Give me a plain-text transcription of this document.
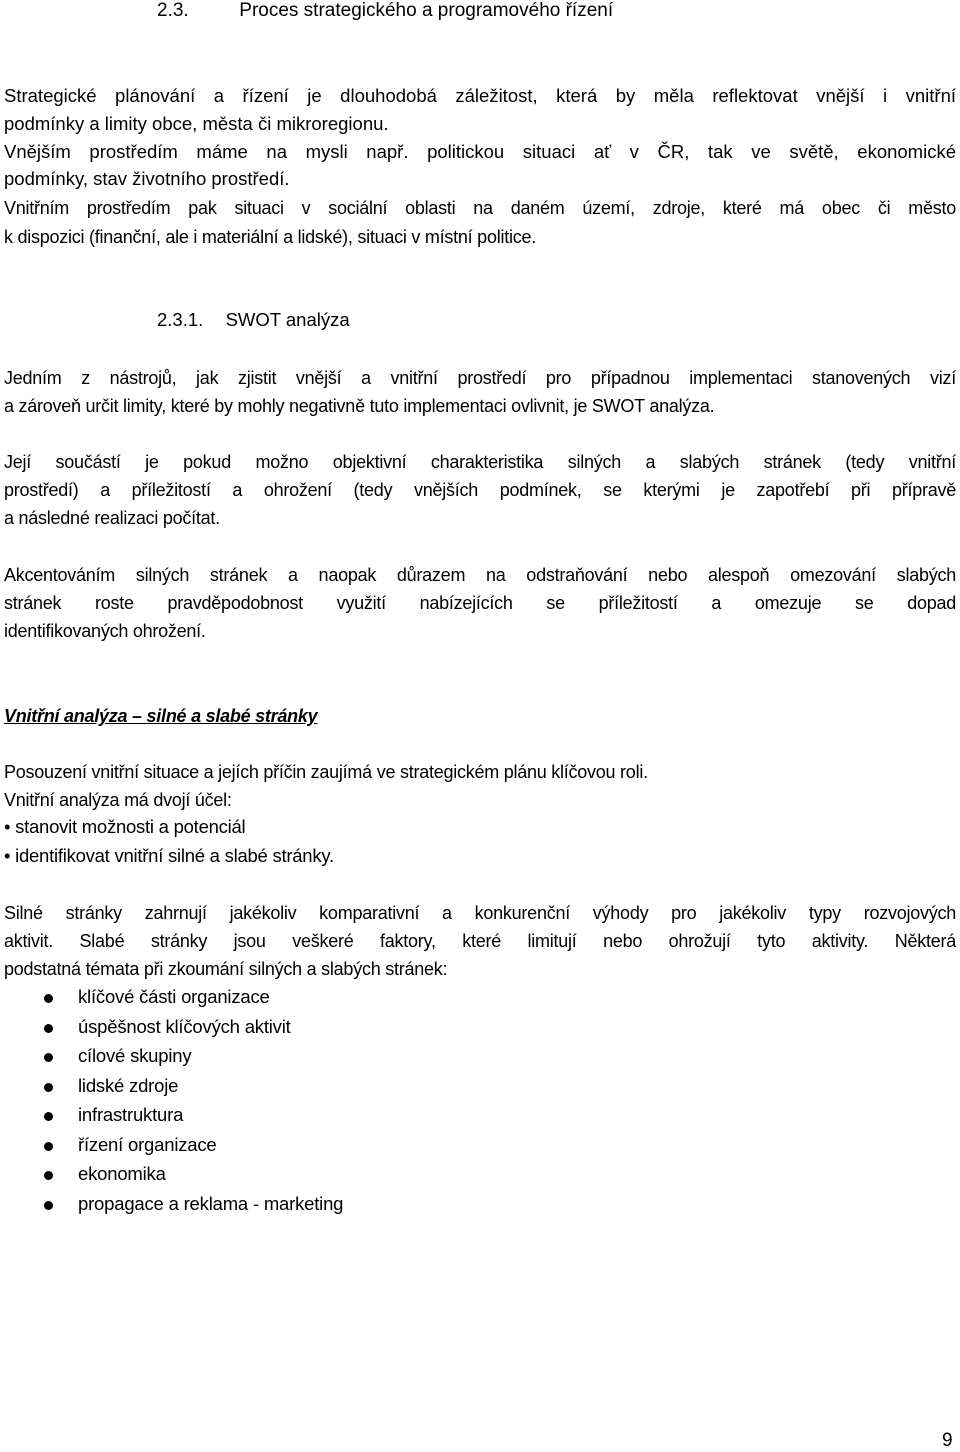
2.3.	Proces strategického a programového řízení
Strategické plánování a řízení je dlouhodobá záležitost, která by měla reflektovat vnější i vnitřní
podmínky a limity obce, města či mikroregionu.
Vnějším prostředím máme na mysli např. politickou situaci ať v ČR, tak ve světě, ekonomické
podmínky, stav životního prostředí.
Vnitřním prostředím pak situaci v sociální oblasti na daném území, zdroje, které má obec či město
k dispozici (finanční, ale i materiální a lidské), situaci v místní politice.
2.3.1. SWOT analýza
Jedním z nástrojů, jak zjistit vnější a vnitřní prostředí pro případnou implementaci stanovených vizí
a zároveň určit limity, které by mohly negativně tuto implementaci ovlivnit, je SWOT analýza.
Její součástí je pokud možno objektivní charakteristika silných a slabých stránek (tedy vnitřní
prostředí) a příležitostí a ohrožení (tedy vnějších podmínek, se kterými je zapotřebí při přípravě
a následné realizaci počítat.
Akcentováním silných stránek a naopak důrazem na odstraňování nebo alespoň omezování slabých
stránek roste pravděpodobnost využití nabízejících se příležitostí a omezuje se dopad
identifikovaných ohrožení.
Vnitřní analýza – silné a slabé stránky
Posouzení vnitřní situace a jejích příčin zaujímá ve strategickém plánu klíčovou roli.
Vnitřní analýza má dvojí účel:
• stanovit možnosti a potenciál
• identifikovat vnitřní silné a slabé stránky.
Silné stránky zahrnují jakékoliv komparativní a konkurenční výhody pro jakékoliv typy rozvojových
aktivit. Slabé stránky jsou veškeré faktory, které limitují nebo ohrožují tyto aktivity. Některá
podstatná témata při zkoumání silných a slabých stránek:
klíčové části organizace
úspěšnost klíčových aktivit
cílové skupiny
lidské zdroje
infrastruktura
řízení organizace
ekonomika
propagace a reklama - marketing
9
